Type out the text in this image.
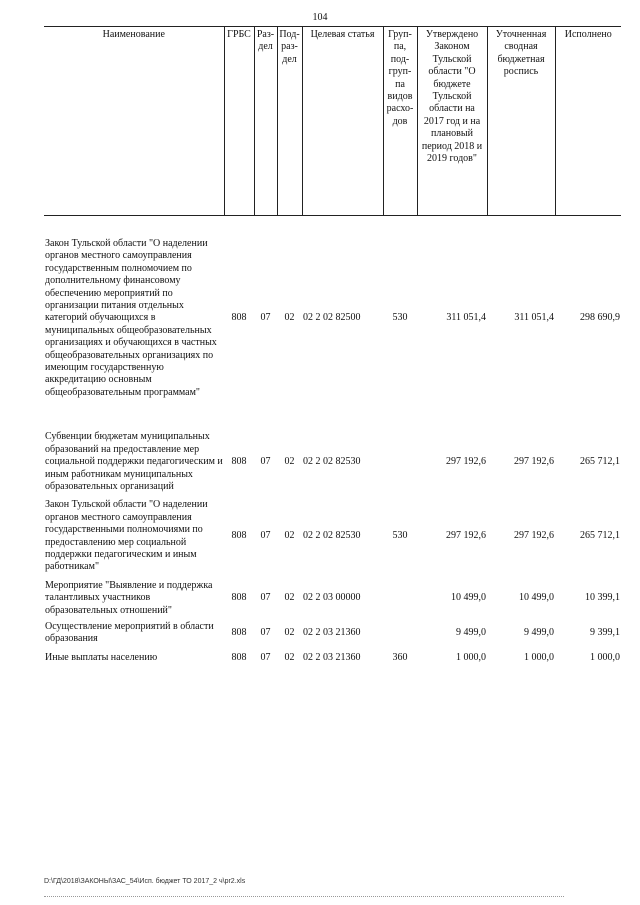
104
Наименование	ГРБС	Раз-дел	Под-раз-дел	Целевая статья	Груп-па, под-груп-па видов расхо-дов	Утверждено Законом Тульской области "О бюджете Тульской области на 2017 год и на плановый период 2018 и 2019 годов"	Уточненная сводная бюджетная роспись	Исполнено

Закон Тульской области "О наделении органов местного самоуправления государственным полномочием по дополнительному финансовому обеспечению мероприятий по организации питания отдельных категорий обучающихся в муниципальных общеобразовательных организациях и обучающихся в частных общеобразовательных организациях по имеющим государственную аккредитацию основным общеобразовательным программам"	808	07	02	02 2 02 82500	530	311 051,4	311 051,4	298 690,9

Субвенции бюджетам муниципальных образований на предоставление мер социальной поддержки педагогическим и иным работникам муниципальных образовательных организаций	808	07	02	02 2 02 82530		297 192,6	297 192,6	265 712,1

Закон Тульской области "О наделении органов местного самоуправления государственными полномочиями по предоставлению мер социальной поддержки педагогическим и иным работникам"	808	07	02	02 2 02 82530	530	297 192,6	297 192,6	265 712,1

Мероприятие "Выявление и поддержка талантливых участников образовательных отношений"	808	07	02	02 2 03 00000		10 499,0	10 499,0	10 399,1

Осуществление мероприятий в области образования	808	07	02	02 2 03 21360		9 499,0	9 499,0	9 399,1

Иные выплаты населению	808	07	02	02 2 03 21360	360	1 000,0	1 000,0	1 000,0
D:\ГД\2018\ЗАКОНЫ\ЗАС_54\Исп. бюджет ТО 2017_2 ч\pr2.xls
